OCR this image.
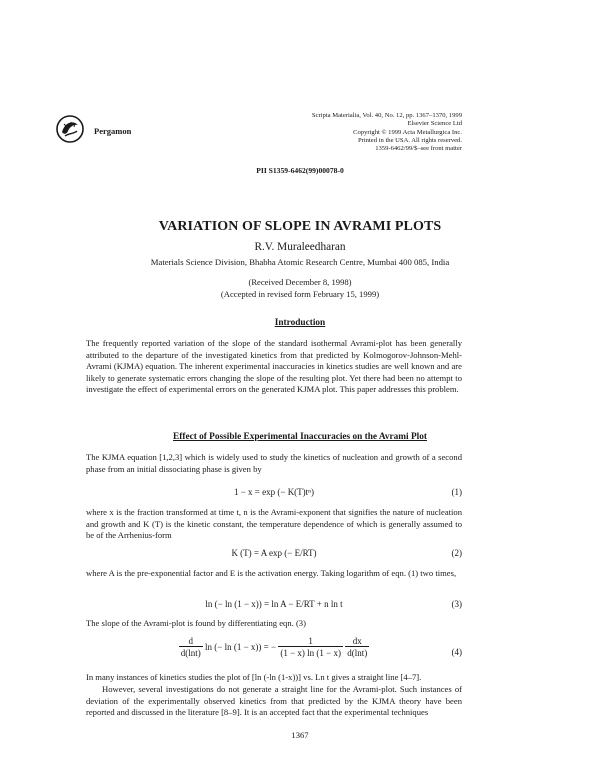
Pergamon
Scripta Materialia, Vol. 40, No. 12, pp. 1367–1370, 1999
Elsevier Science Ltd
Copyright © 1999 Acta Metallurgica Inc.
Printed in the USA. All rights reserved.
1359-6462/99/$–see front matter
PII S1359-6462(99)00078-0
VARIATION OF SLOPE IN AVRAMI PLOTS
R.V. Muraleedharan
Materials Science Division, Bhabha Atomic Research Centre, Mumbai 400 085, India
(Received December 8, 1998)
(Accepted in revised form February 15, 1999)
Introduction
The frequently reported variation of the slope of the standard isothermal Avrami-plot has been generally attributed to the departure of the investigated kinetics from that predicted by Kolmogorov-Johnson-Mehl-Avrami (KJMA) equation. The inherent experimental inaccuracies in kinetics studies are well known and are likely to generate systematic errors changing the slope of the resulting plot. Yet there had been no attempt to investigate the effect of experimental errors on the generated KJMA plot. This paper addresses this problem.
Effect of Possible Experimental Inaccuracies on the Avrami Plot
The KJMA equation [1,2,3] which is widely used to study the kinetics of nucleation and growth of a second phase from an initial dissociating phase is given by
1 − x = exp (− K(T)tⁿ)	(1)
where x is the fraction transformed at time t, n is the Avrami-exponent that signifies the nature of nucleation and growth and K (T) is the kinetic constant, the temperature dependence of which is generally assumed to be of the Arrhenius-form
K (T) = A exp (− E/RT)	(2)
where A is the pre-exponential factor and E is the activation energy. Taking logarithm of eqn. (1) two times,
ln (− ln (1 − x)) = ln A − E/RT + n ln t	(3)
The slope of the Avrami-plot is found by differentiating eqn. (3)
$\frac{d}{d(\ln t)}$ ln (− ln (1 − x)) = − $\frac{1}{(1 - x) \ln (1 - x)}$
$\frac{dx}{d(\ln t)}$	(4)
In many instances of kinetics studies the plot of [ln (-ln (1-x))] vs. Ln t gives a straight line [4–7].
However, several investigations do not generate a straight line for the Avrami-plot. Such instances of deviation of the experimentally observed kinetics from that predicted by the KJMA theory have been reported and discussed in the literature [8–9]. It is an accepted fact that the experimental techniques
1367
